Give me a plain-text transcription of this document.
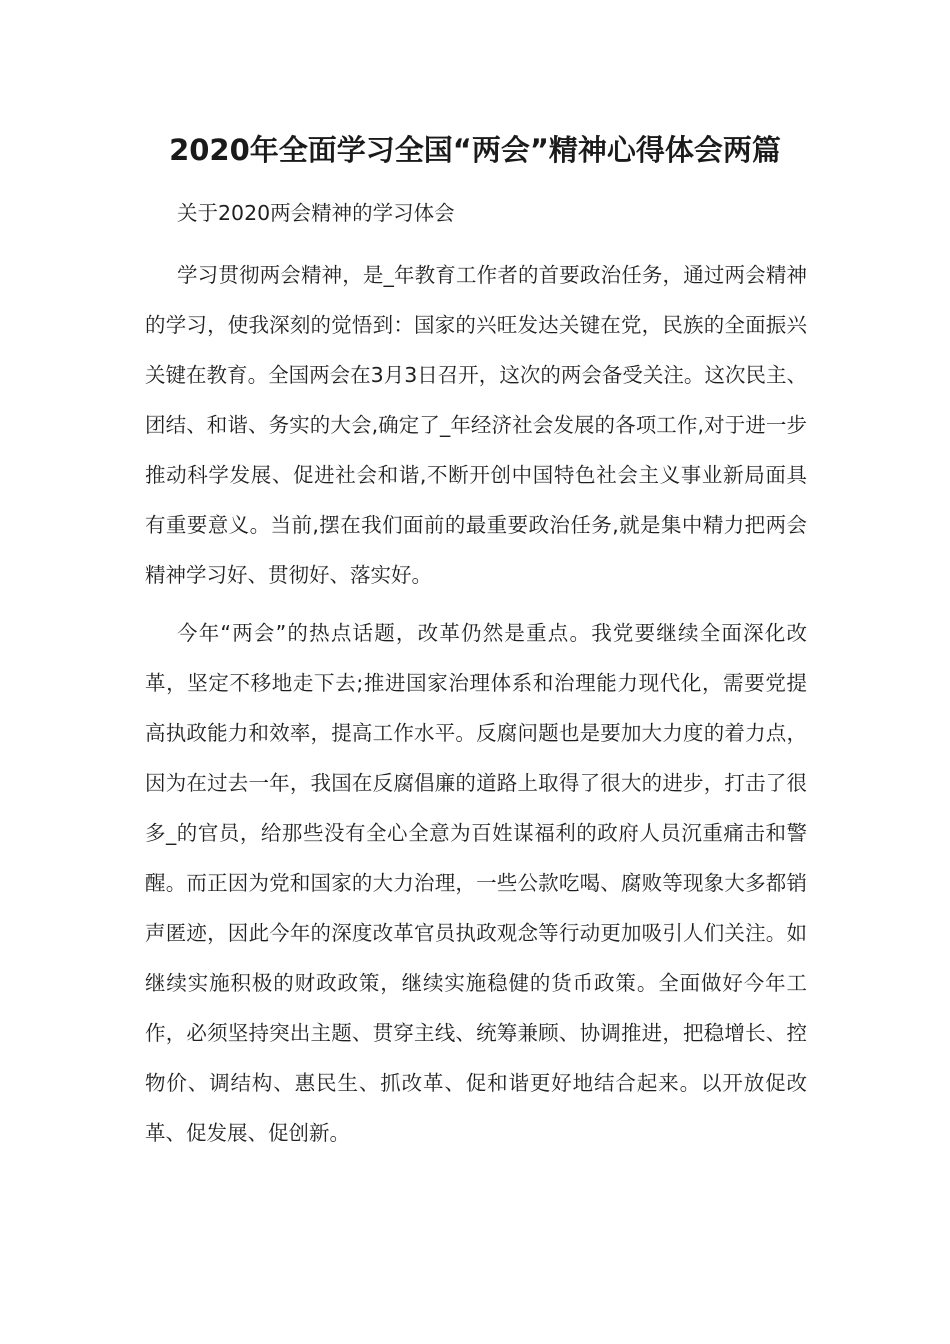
2020年全面学习全国“两会”精神心得体会两篇

关于2020两会精神的学习体会

学习贯彻两会精神，是_年教育工作者的首要政治任务，通过两会精神的学习，使我深刻的觉悟到：国家的兴旺发达关键在党，民族的全面振兴关键在教育。全国两会在3月3日召开，这次的两会备受关注。这次民主、团结、和谐、务实的大会,确定了_年经济社会发展的各项工作,对于进一步推动科学发展、促进社会和谐,不断开创中国特色社会主义事业新局面具有重要意义。当前,摆在我们面前的最重要政治任务,就是集中精力把两会精神学习好、贯彻好、落实好。

今年“两会”的热点话题，改革仍然是重点。我党要继续全面深化改革，坚定不移地走下去;推进国家治理体系和治理能力现代化，需要党提高执政能力和效率，提高工作水平。反腐问题也是要加大力度的着力点，因为在过去一年，我国在反腐倡廉的道路上取得了很大的进步，打击了很多_的官员，给那些没有全心全意为百姓谋福利的政府人员沉重痛击和警醒。而正因为党和国家的大力治理，一些公款吃喝、腐败等现象大多都销声匿迹，因此今年的深度改革官员执政观念等行动更加吸引人们关注。如继续实施积极的财政政策，继续实施稳健的货币政策。全面做好今年工作，必须坚持突出主题、贯穿主线、统筹兼顾、协调推进，把稳增长、控物价、调结构、惠民生、抓改革、促和谐更好地结合起来。以开放促改革、促发展、促创新。
